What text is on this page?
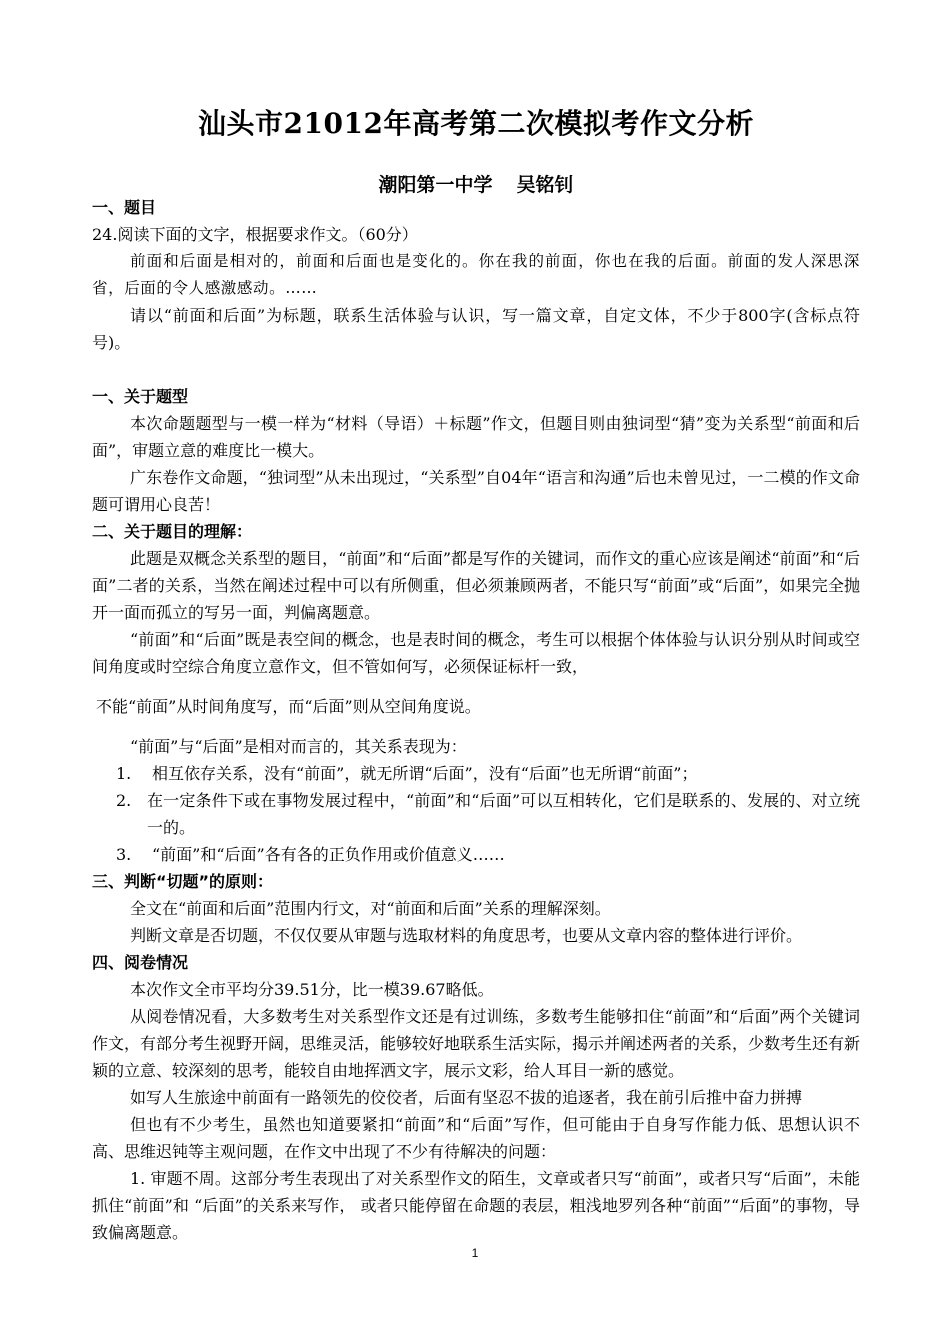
汕头市21012年高考第二次模拟考作文分析
潮阳第一中学 吴铭钊
一、题目

24.阅读下面的文字，根据要求作文。（60分）

前面和后面是相对的，前面和后面也是变化的。你在我的前面，你也在我的后面。前面的发人深思深省，后面的令人感激感动。……

请以“前面和后面”为标题，联系生活体验与认识，写一篇文章，自定文体，不少于800字(含标点符号)。

一、关于题型

本次命题题型与一模一样为“材料（导语）＋标题”作文，但题目则由独词型“猜”变为关系型“前面和后面”，审题立意的难度比一模大。

广东卷作文命题，“独词型”从未出现过，“关系型”自04年“语言和沟通”后也未曾见过，一二模的作文命题可谓用心良苦！

二、关于题目的理解：

此题是双概念关系型的题目，“前面”和“后面”都是写作的关键词，而作文的重心应该是阐述“前面”和“后面”二者的关系，当然在阐述过程中可以有所侧重，但必须兼顾两者，不能只写“前面”或“后面”，如果完全抛开一面而孤立的写另一面，判偏离题意。

“前面”和“后面”既是表空间的概念，也是表时间的概念，考生可以根据个体体验与认识分别从时间或空间角度或时空综合角度立意作文，但不管如何写，必须保证标杆一致，

不能“前面”从时间角度写，而“后面”则从空间角度说。

“前面”与“后面”是相对而言的，其关系表现为：

1. 相互依存关系，没有“前面”，就无所谓“后面”，没有“后面”也无所谓“前面”；
2. 在一定条件下或在事物发展过程中，“前面”和“后面”可以互相转化，它们是联系的、发展的、对立统一的。
3. “前面”和“后面”各有各的正负作用或价值意义……
三、判断“切题”的原则：

全文在“前面和后面”范围内行文，对“前面和后面”关系的理解深刻。

判断文章是否切题，不仅仅要从审题与选取材料的角度思考，也要从文章内容的整体进行评价。

四、阅卷情况

本次作文全市平均分39.51分，比一模39.67略低。

从阅卷情况看，大多数考生对关系型作文还是有过训练，多数考生能够扣住“前面”和“后面”两个关键词作文，有部分考生视野开阔，思维灵活，能够较好地联系生活实际，揭示并阐述两者的关系，少数考生还有新颖的立意、较深刻的思考，能较自由地挥洒文字，展示文彩，给人耳目一新的感觉。

如写人生旅途中前面有一路领先的佼佼者，后面有坚忍不拔的追逐者，我在前引后推中奋力拼搏

但也有不少考生，虽然也知道要紧扣“前面”和“后面”写作，但可能由于自身写作能力低、思想认识不高、思维迟钝等主观问题，在作文中出现了不少有待解决的问题：

1. 审题不周。这部分考生表现出了对关系型作文的陌生，文章或者只写“前面”，或者只写“后面”，未能抓住“前面”和 “后面”的关系来写作， 或者只能停留在命题的表层，粗浅地罗列各种“前面”“后面”的事物，导致偏离题意。

1
